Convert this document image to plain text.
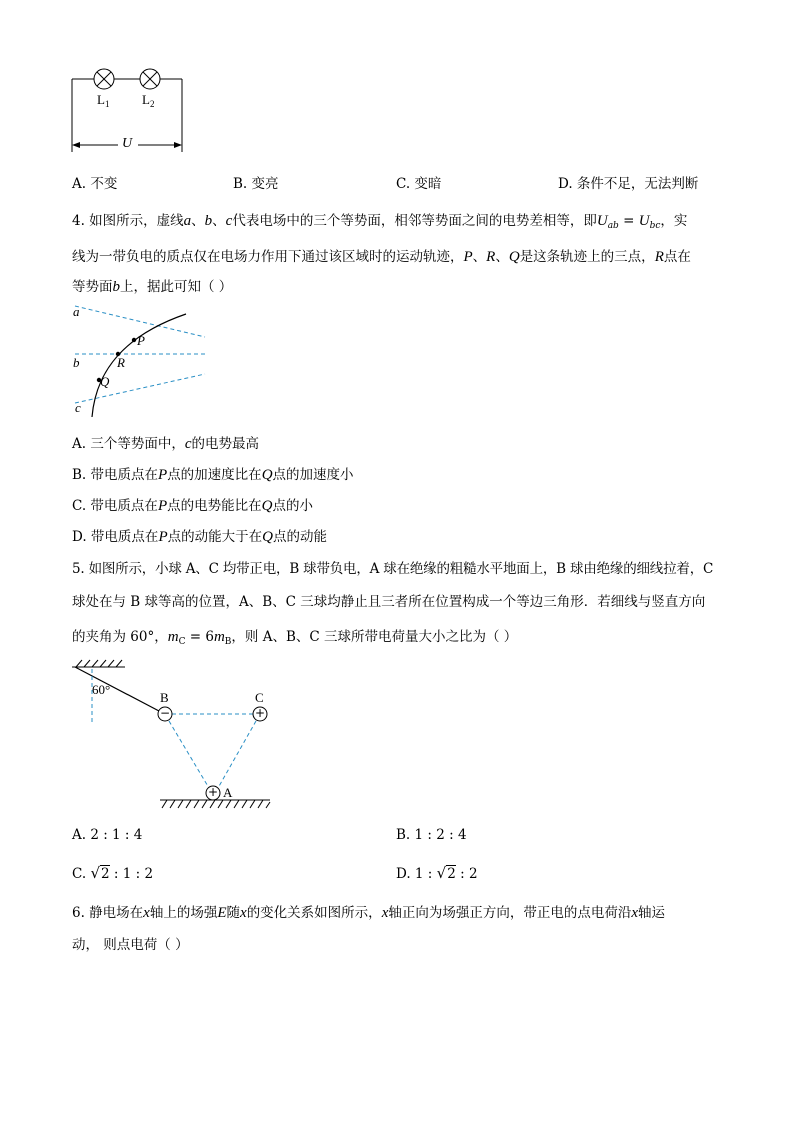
$L_1$	$L_2$
U
A. 不变	B. 变亮	C. 变暗	D. 条件不足，无法判断
4. 如图所示，虚线a、b、c代表电场中的三个等势面，相邻等势面之间的电势差相等，即$U_{ab} = U_{bc}$，实
线为一带负电的质点仅在电场力作用下通过该区域时的运动轨迹，P、R、Q是这条轨迹上的三点，R点在
等势面b上，据此可知（ ）
a
b
c
P
R
Q
A. 三个等势面中，c的电势最高
B. 带电质点在P点的加速度比在Q点的加速度小
C. 带电质点在P点的电势能比在Q点的小
D. 带电质点在P点的动能大于在Q点的动能
5. 如图所示，小球 A、C 均带正电，B 球带负电，A 球在绝缘的粗糙水平地面上，B 球由绝缘的细线拉着，C
球处在与 B 球等高的位置，A、B、C 三球均静止且三者所在位置构成一个等边三角形．若细线与竖直方向
的夹角为 60°，$m_C = 6m_B$，则 A、B、C 三球所带电荷量大小之比为（ ）
60°
B	C
A
−	+
+
A. 2 : 1 : 4	B. 1 : 2 : 4
C. √2 : 1 : 2	D. 1 : √2 : 2
6. 静电场在x轴上的场强E随x的变化关系如图所示，x轴正向为场强正方向，带正电的点电荷沿x轴运
动， 则点电荷（ ）
